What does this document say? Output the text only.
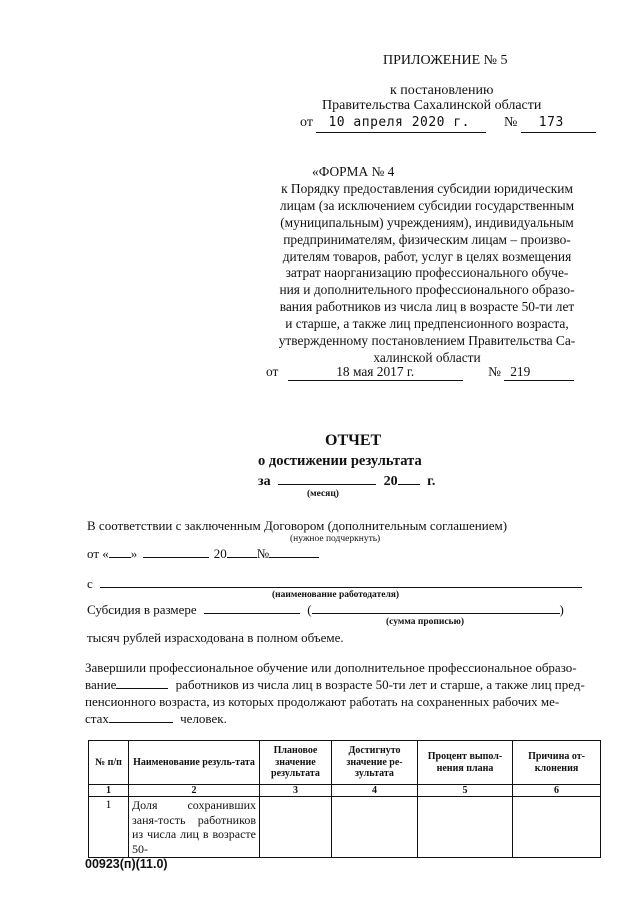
ПРИЛОЖЕНИЕ № 5
к постановлению
Правительства Сахалинской области
от 10 апреля 2020 г. № 173

«ФОРМА № 4

к Порядку предоставления субсидии юридическим

лицам (за исключением субсидии государственным

(муниципальным) учреждениям), индивидуальным

предпринимателям, физическим лицам – произво-

дителям товаров, работ, услуг в целях возмещения

затрат наорганизацию профессионального обуче-

ния и дополнительного профессионального образо-

вания работников из числа лиц в возрасте 50-ти лет

и старше, а также лиц предпенсионного возраста,

утвержденному постановлением Правительства Са-

халинской области

от	18 мая 2017 г.	№ 219
ОТЧЕТ
о достижении результата
за	20 г.
(месяц)
В соответствии с заключенным Договором (дополнительным соглашением)
(нужное подчеркнуть)
от « »	20 №
с
(наименование работодателя)
Субсидия в размере	(	)
(сумма прописью)
тысяч рублей израсходована в полном объеме.
Завершили профессиональное обучение или дополнительное профессиональное образо-
вание	работников из числа лиц в возрасте 50-ти лет и старше, а также лиц пред-
пенсионного возраста, из которых продолжают работать на сохраненных рабочих ме-
стах	человек.
№ п/п	Наименование резуль-тата	Плановое значение результата	Достигнуто значение ре-зультата	Процент выпол-нения плана	Причина от-клонения
1	2	3	4	5	6
1	Доля сохранивших заня-тость работников из числа лиц в возрасте 50-				

00923(п)(11.0)
